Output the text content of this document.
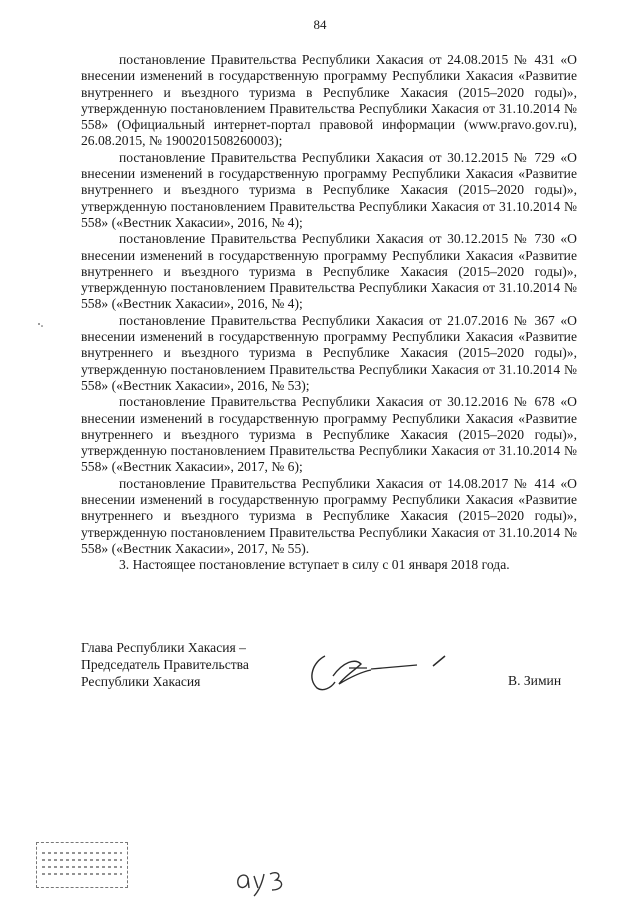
84

постановление Правительства Республики Хакасия от 24.08.2015 № 431 «О внесении изменений в государственную программу Республики Хакасия «Развитие внутреннего и въездного туризма в Республике Хакасия (2015–2020 годы)», утвержденную постановлением Правительства Республики Хакасия от 31.10.2014 № 558» (Официальный интернет-портал правовой информации (www.pravo.gov.ru), 26.08.2015, № 1900201508260003);

постановление Правительства Республики Хакасия от 30.12.2015 № 729 «О внесении изменений в государственную программу Республики Хакасия «Развитие внутреннего и въездного туризма в Республике Хакасия (2015–2020 годы)», утвержденную постановлением Правительства Республики Хакасия от 31.10.2014 № 558» («Вестник Хакасии», 2016, № 4);

постановление Правительства Республики Хакасия от 30.12.2015 № 730 «О внесении изменений в государственную программу Республики Хакасия «Развитие внутреннего и въездного туризма в Республике Хакасия (2015–2020 годы)», утвержденную постановлением Правительства Республики Хакасия от 31.10.2014 № 558» («Вестник Хакасии», 2016, № 4);

постановление Правительства Республики Хакасия от 21.07.2016 № 367 «О внесении изменений в государственную программу Республики Хакасия «Развитие внутреннего и въездного туризма в Республике Хакасия (2015–2020 годы)», утвержденную постановлением Правительства Республики Хакасия от 31.10.2014 № 558» («Вестник Хакасии», 2016, № 53);

постановление Правительства Республики Хакасия от 30.12.2016 № 678 «О внесении изменений в государственную программу Республики Хакасия «Развитие внутреннего и въездного туризма в Республике Хакасия (2015–2020 годы)», утвержденную постановлением Правительства Республики Хакасия от 31.10.2014 № 558» («Вестник Хакасии», 2017, № 6);

постановление Правительства Республики Хакасия от 14.08.2017 № 414 «О внесении изменений в государственную программу Республики Хакасия «Развитие внутреннего и въездного туризма в Республике Хакасия (2015–2020 годы)», утвержденную постановлением Правительства Республики Хакасия от 31.10.2014 № 558» («Вестник Хакасии», 2017, № 55).

3. Настоящее постановление вступает в силу с 01 января 2018 года.

Глава Республики Хакасия –
Председатель Правительства
Республики Хакасия	В. Зимин
